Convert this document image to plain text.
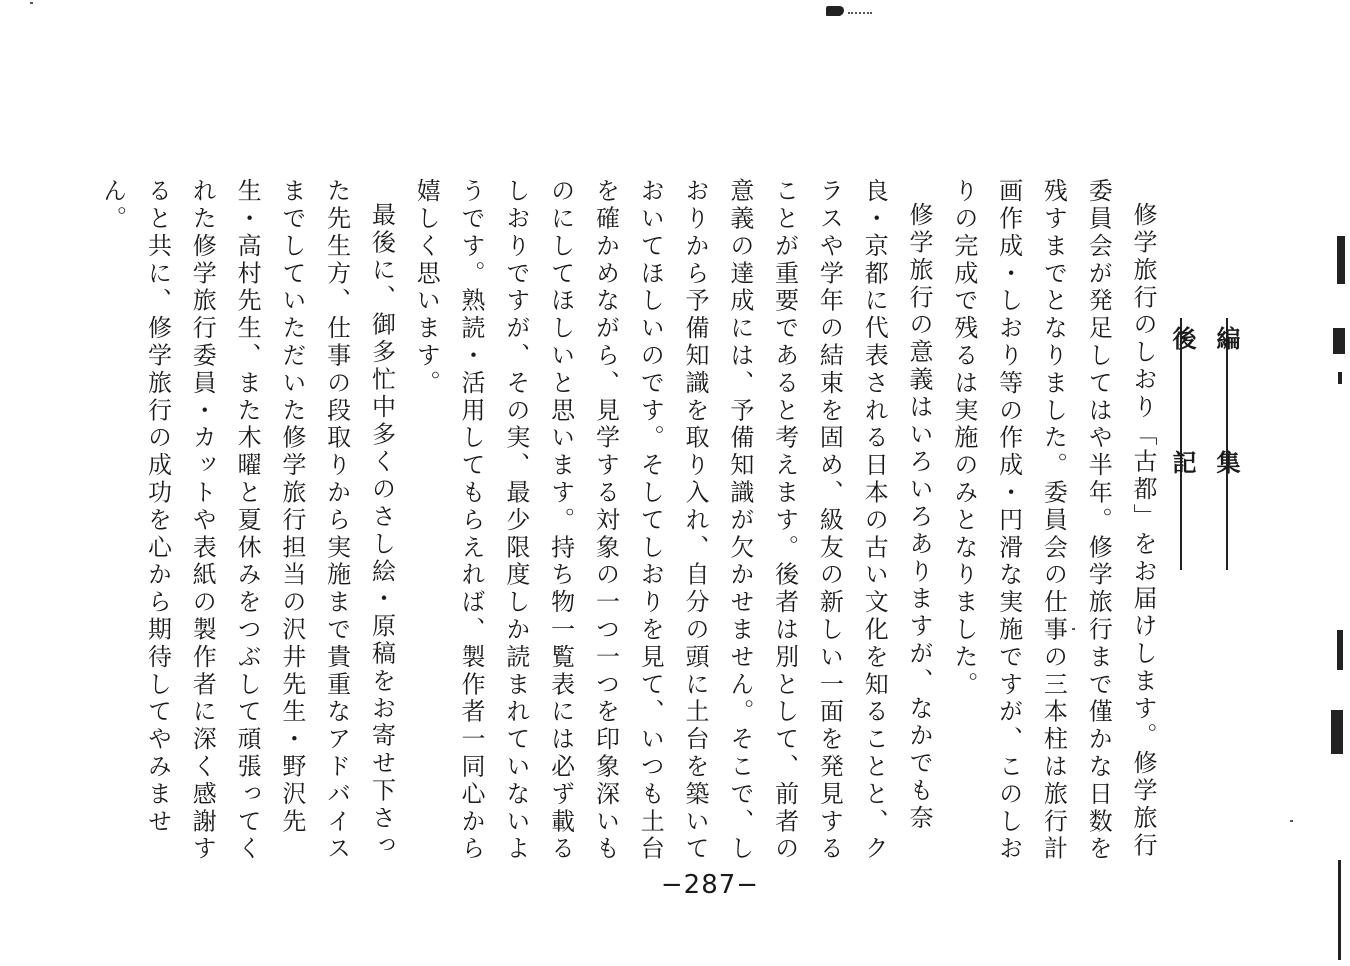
編　集　後　記

修学旅行のしおり「古都」をお届けします。修学旅行委員会が発足してはや半年。修学旅行まで僅かな日数を残すまでとなりました。委員会の仕事の三本柱は旅行計画作成・しおり等の作成・円滑な実施ですが、このしおりの完成で残るは実施のみとなりました。

修学旅行の意義はいろいろありますが、なかでも奈良・京都に代表される日本の古い文化を知ることと、クラスや学年の結束を固め、級友の新しい一面を発見することが重要であると考えます。後者は別として、前者の意義の達成には、予備知識が欠かせません。そこで、しおりから予備知識を取り入れ、自分の頭に土台を築いておいてほしいのです。そしてしおりを見て、いつも土台を確かめながら、見学する対象の一つ一つを印象深いものにしてほしいと思います。持ち物一覧表には必ず載るしおりですが、その実、最少限度しか読まれていないようです。熟読・活用してもらえれば、製作者一同心から嬉しく思います。

最後に、御多忙中多くのさし絵・原稿をお寄せ下さった先生方、仕事の段取りから実施まで貴重なアドバイスまでしていただいた修学旅行担当の沢井先生・野沢先生・高村先生、また木曜と夏休みをつぶして頑張ってくれた修学旅行委員・カットや表紙の製作者に深く感謝すると共に、修学旅行の成功を心から期待してやみません。

−287−
